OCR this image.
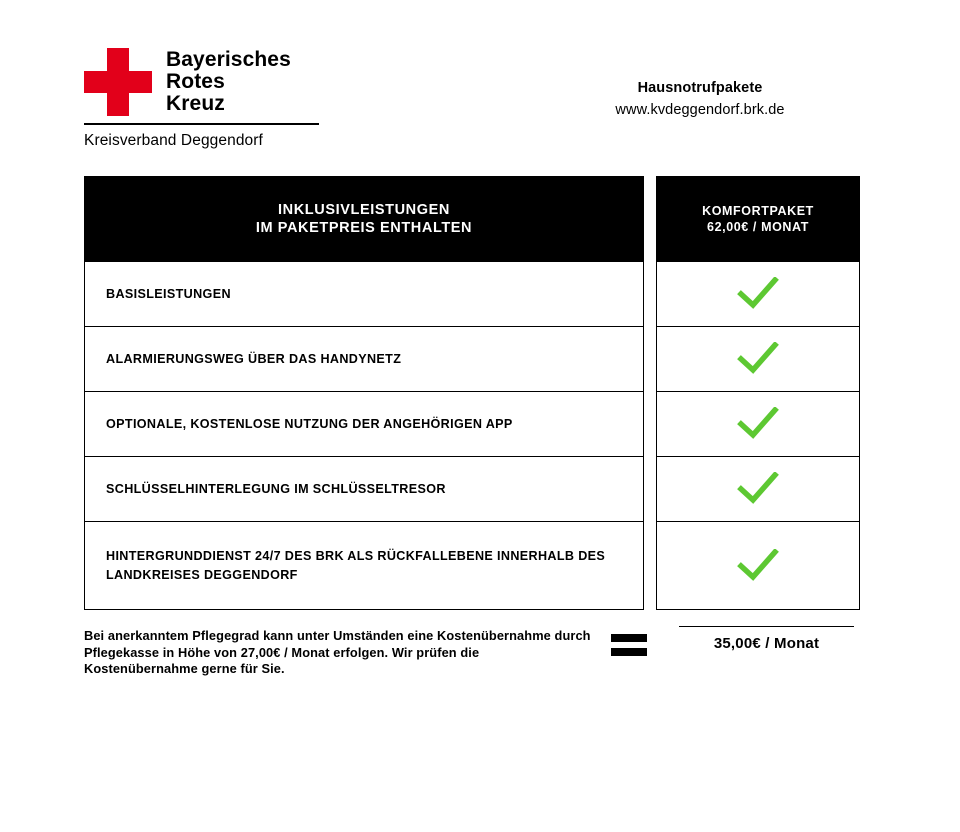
Bayerisches
Rotes
Kreuz
Kreisverband Deggendorf
Hausnotrufpakete
www.kvdeggendorf.brk.de
INKLUSIVLEISTUNGEN
IM PAKETPREIS ENTHALTEN
BASISLEISTUNGEN
ALARMIERUNGSWEG ÜBER DAS HANDYNETZ
OPTIONALE, KOSTENLOSE NUTZUNG DER ANGEHÖRIGEN APP
SCHLÜSSELHINTERLEGUNG IM SCHLÜSSELTRESOR
HINTERGRUNDDIENST 24/7 DES BRK ALS RÜCKFALLEBENE INNERHALB DES LANDKREISES DEGGENDORF
KOMFORTPAKET
62,00€ / MONAT
Bei anerkanntem Pflegegrad kann unter Umständen eine Kostenübernahme durch Pflegekasse in Höhe von 27,00€ / Monat erfolgen. Wir prüfen die Kostenübernahme gerne für Sie.
35,00€ / Monat
